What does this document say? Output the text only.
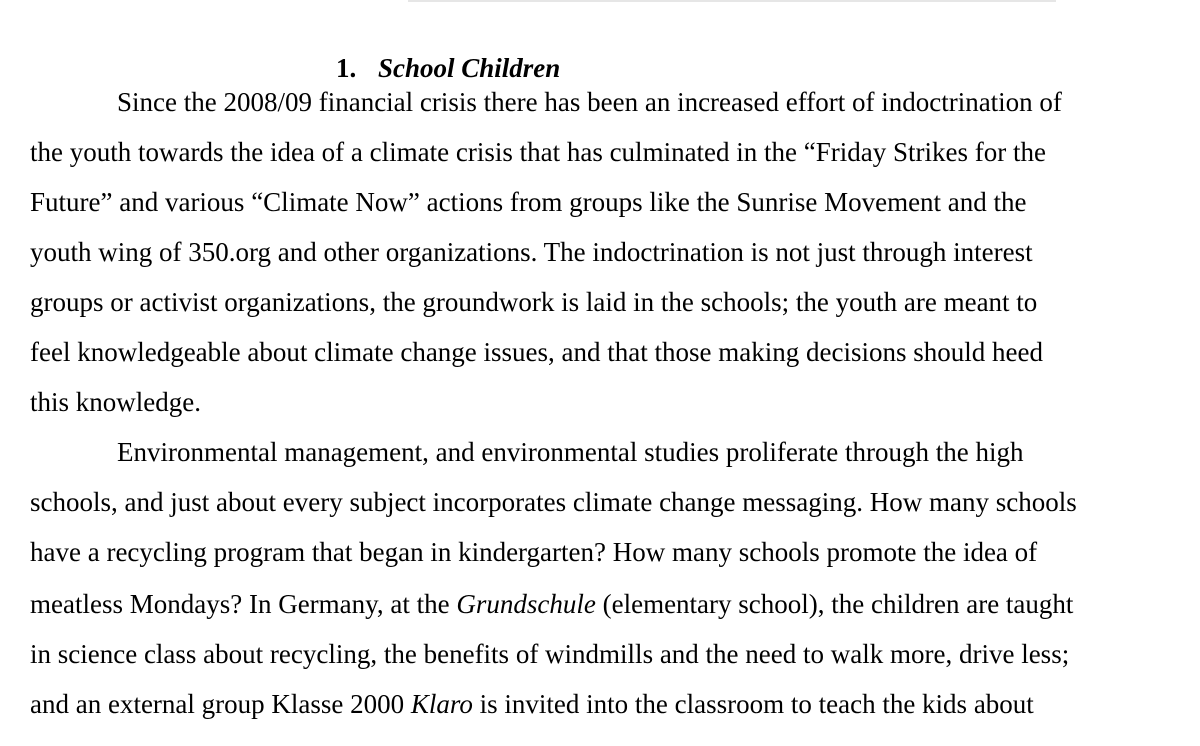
1. School Children
Since the 2008/09 financial crisis there has been an increased effort of indoctrination of
the youth towards the idea of a climate crisis that has culminated in the “Friday Strikes for the
Future” and various “Climate Now” actions from groups like the Sunrise Movement and the
youth wing of 350.org and other organizations. The indoctrination is not just through interest
groups or activist organizations, the groundwork is laid in the schools; the youth are meant to
feel knowledgeable about climate change issues, and that those making decisions should heed
this knowledge.
Environmental management, and environmental studies proliferate through the high
schools, and just about every subject incorporates climate change messaging. How many schools
have a recycling program that began in kindergarten? How many schools promote the idea of
meatless Mondays? In Germany, at the Grundschule (elementary school), the children are taught
in science class about recycling, the benefits of windmills and the need to walk more, drive less;
and an external group Klasse 2000 Klaro is invited into the classroom to teach the kids about
